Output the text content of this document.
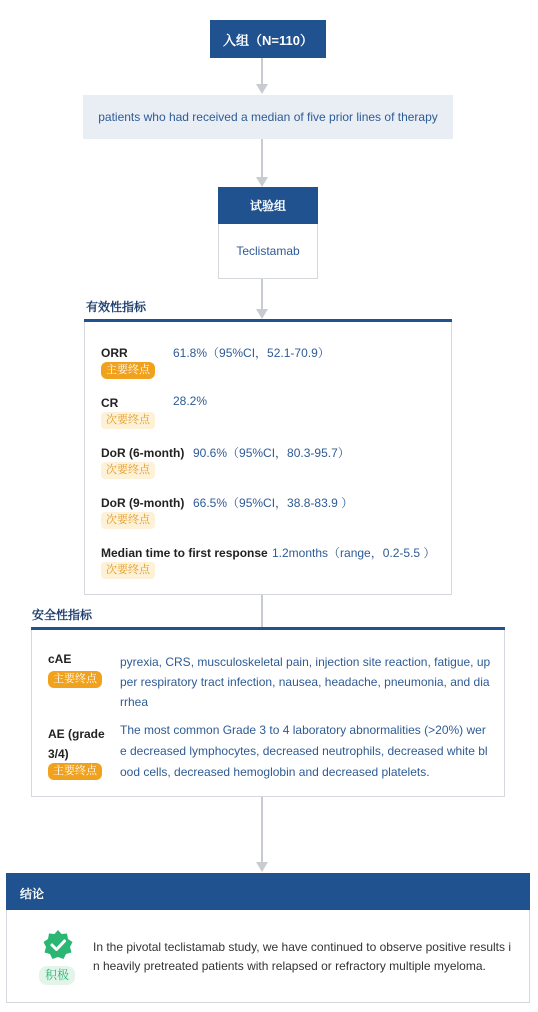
入组（N=110）
patients who had received a median of five prior lines of therapy
试验组
Teclistamab
有效性指标
ORR	61.8%（95%CI，52.1-70.9）
主要终点
CR	28.2%
次要终点
DoR (6-month) 90.6%（95%CI，80.3-95.7）
次要终点
DoR (9-month) 66.5%（95%CI，38.8-83.9 ）
次要终点
Median time to first response 1.2months（range，0.2-5.5 ）
次要终点
安全性指标
cAE
主要终点
pyrexia, CRS, musculoskeletal pain, injection site reaction, fatigue, up
per respiratory tract infection, nausea, headache, pneumonia, and dia
rrhea
AE (grade
3/4)
主要终点
The most common Grade 3 to 4 laboratory abnormalities (>20%) wer
e decreased lymphocytes, decreased neutrophils, decreased white bl
ood cells, decreased hemoglobin and decreased platelets.
结论
积极
In the pivotal teclistamab study, we have continued to observe positive results i
n heavily pretreated patients with relapsed or refractory multiple myeloma.
